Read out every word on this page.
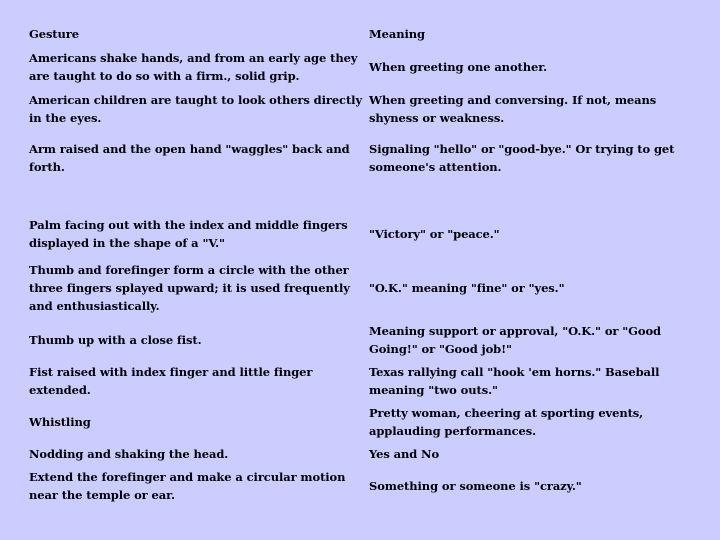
Gesture	Meaning
Americans shake hands, and from an early age they are taught to do so with a firm., solid grip.
When greeting one another.
American children are taught to look others directly in the eyes.
When greeting and conversing. If not, means shyness or weakness.
Arm raised and the open hand "waggles" back and forth.
Signaling "hello" or "good-bye." Or trying to get someone's attention.
Palm facing out with the index and middle fingers displayed in the shape of a "V."
"Victory" or "peace."
Thumb and forefinger form a circle with the other three fingers splayed upward; it is used frequently and enthusiastically.
"O.K." meaning "fine" or "yes."
Thumb up with a close fist.
Meaning support or approval, "O.K." or "Good Going!" or "Good job!"
Fist raised with index finger and little finger extended.
Texas rallying call "hook 'em horns." Baseball meaning "two outs."
Whistling
Pretty woman, cheering at sporting events, applauding performances.
Nodding and shaking the head.	Yes and No
Extend the forefinger and make a circular motion near the temple or ear.
Something or someone is "crazy."
